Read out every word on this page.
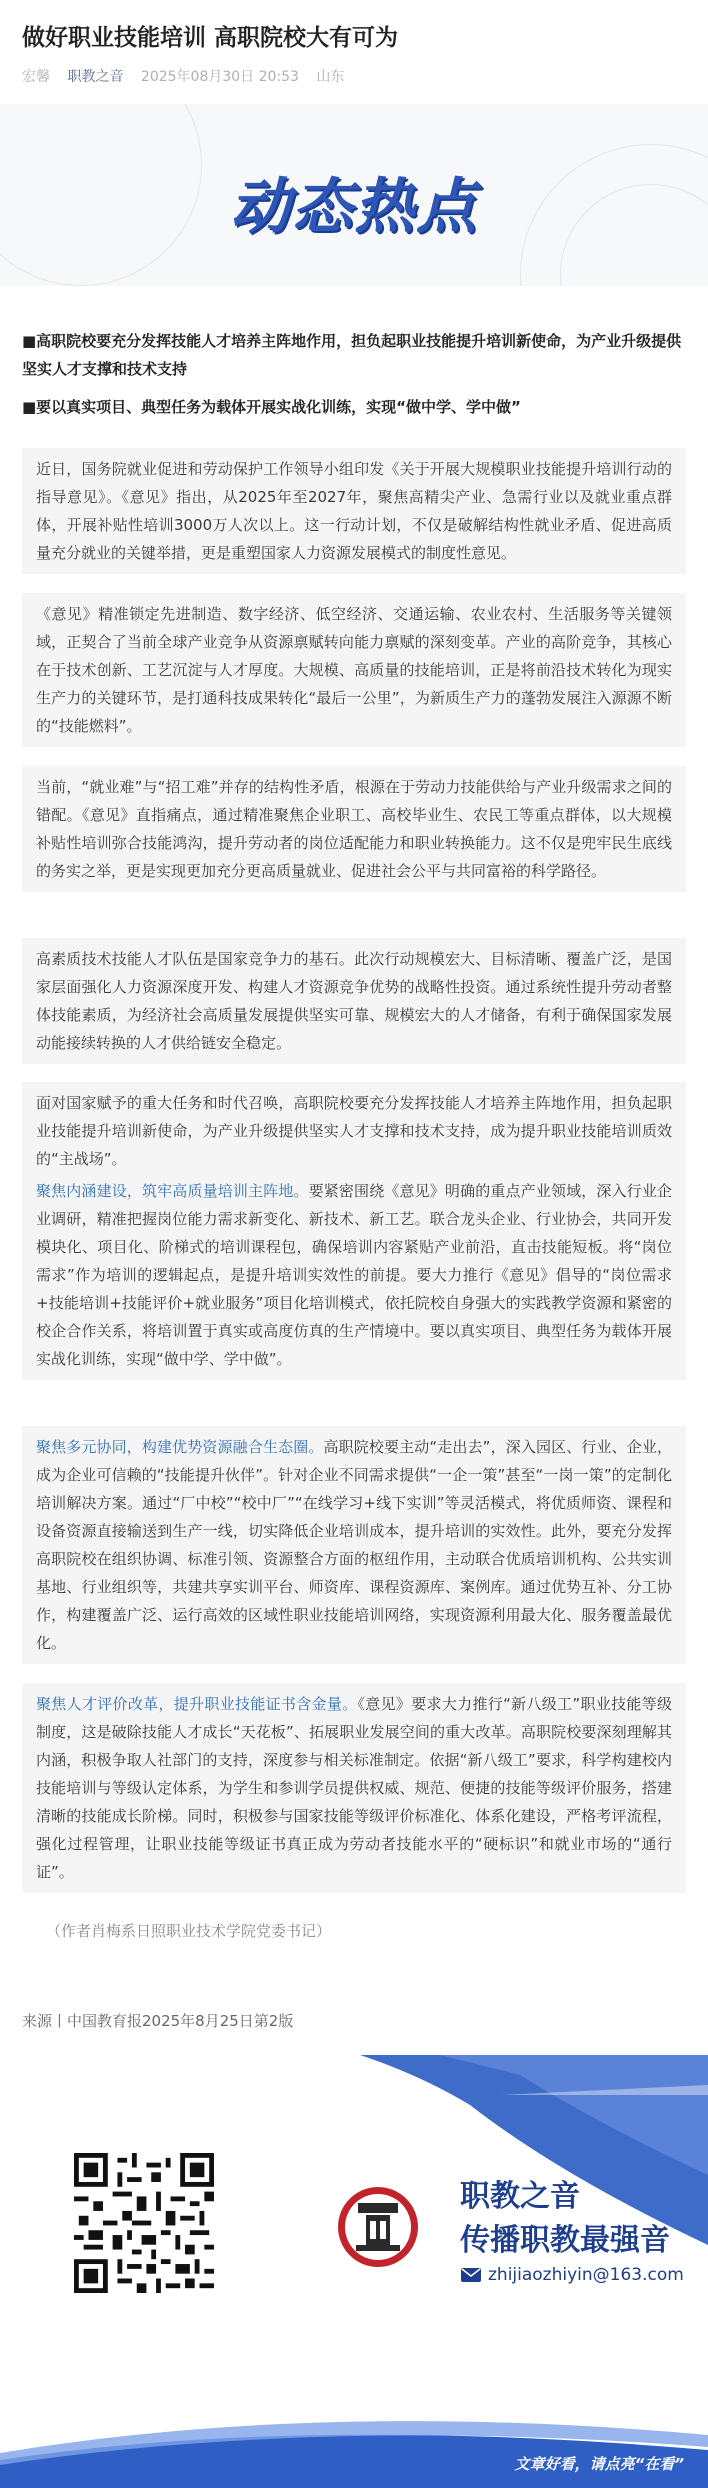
做好职业技能培训 高职院校大有可为
宏馨 职教之音 2025年08月30日 20:53 山东
动态热点

■高职院校要充分发挥技能人才培养主阵地作用，担负起职业技能提升培训新使命，为产业升级提供坚实人才支撑和技术支持

■要以真实项目、典型任务为载体开展实战化训练，实现“做中学、学中做”

近日，国务院就业促进和劳动保护工作领导小组印发《关于开展大规模职业技能提升培训行动的指导意见》。《意见》指出，从2025年至2027年，聚焦高精尖产业、急需行业以及就业重点群体，开展补贴性培训3000万人次以上。这一行动计划，不仅是破解结构性就业矛盾、促进高质量充分就业的关键举措，更是重塑国家人力资源发展模式的制度性意见。

《意见》精准锁定先进制造、数字经济、低空经济、交通运输、农业农村、生活服务等关键领域，正契合了当前全球产业竞争从资源禀赋转向能力禀赋的深刻变革。产业的高阶竞争，其核心在于技术创新、工艺沉淀与人才厚度。大规模、高质量的技能培训，正是将前沿技术转化为现实生产力的关键环节，是打通科技成果转化“最后一公里”，为新质生产力的蓬勃发展注入源源不断的“技能燃料”。

当前，“就业难”与“招工难”并存的结构性矛盾，根源在于劳动力技能供给与产业升级需求之间的错配。《意见》直指痛点，通过精准聚焦企业职工、高校毕业生、农民工等重点群体，以大规模补贴性培训弥合技能鸿沟，提升劳动者的岗位适配能力和职业转换能力。这不仅是兜牢民生底线的务实之举，更是实现更加充分更高质量就业、促进社会公平与共同富裕的科学路径。

高素质技术技能人才队伍是国家竞争力的基石。此次行动规模宏大、目标清晰、覆盖广泛，是国家层面强化人力资源深度开发、构建人才资源竞争优势的战略性投资。通过系统性提升劳动者整体技能素质，为经济社会高质量发展提供坚实可靠、规模宏大的人才储备，有利于确保国家发展动能接续转换的人才供给链安全稳定。

面对国家赋予的重大任务和时代召唤，高职院校要充分发挥技能人才培养主阵地作用，担负起职业技能提升培训新使命，为产业升级提供坚实人才支撑和技术支持，成为提升职业技能培训质效的“主战场”。

聚焦内涵建设，筑牢高质量培训主阵地。要紧密围绕《意见》明确的重点产业领域，深入行业企业调研，精准把握岗位能力需求新变化、新技术、新工艺。联合龙头企业、行业协会，共同开发模块化、项目化、阶梯式的培训课程包，确保培训内容紧贴产业前沿，直击技能短板。将“岗位需求”作为培训的逻辑起点，是提升培训实效性的前提。要大力推行《意见》倡导的“岗位需求+技能培训+技能评价+就业服务”项目化培训模式，依托院校自身强大的实践教学资源和紧密的校企合作关系，将培训置于真实或高度仿真的生产情境中。要以真实项目、典型任务为载体开展实战化训练，实现“做中学、学中做”。

聚焦多元协同，构建优势资源融合生态圈。高职院校要主动“走出去”，深入园区、行业、企业，成为企业可信赖的“技能提升伙伴”。针对企业不同需求提供“一企一策”甚至“一岗一策”的定制化培训解决方案。通过“厂中校”“校中厂”“在线学习+线下实训”等灵活模式，将优质师资、课程和设备资源直接输送到生产一线，切实降低企业培训成本，提升培训的实效性。此外，要充分发挥高职院校在组织协调、标准引领、资源整合方面的枢纽作用，主动联合优质培训机构、公共实训基地、行业组织等，共建共享实训平台、师资库、课程资源库、案例库。通过优势互补、分工协作，构建覆盖广泛、运行高效的区域性职业技能培训网络，实现资源利用最大化、服务覆盖最优化。

聚焦人才评价改革，提升职业技能证书含金量。《意见》要求大力推行“新八级工”职业技能等级制度，这是破除技能人才成长“天花板”、拓展职业发展空间的重大改革。高职院校要深刻理解其内涵，积极争取人社部门的支持，深度参与相关标准制定。依据“新八级工”要求，科学构建校内技能培训与等级认定体系，为学生和参训学员提供权威、规范、便捷的技能等级评价服务，搭建清晰的技能成长阶梯。同时，积极参与国家技能等级评价标准化、体系化建设，严格考评流程，强化过程管理，让职业技能等级证书真正成为劳动者技能水平的“硬标识”和就业市场的“通行证”。

（作者肖梅系日照职业技术学院党委书记）
来源丨中国教育报2025年8月25日第2版
职教之音
传播职教最强音
zhijiaozhiyin@163.com
文章好看，请点亮“在看”
